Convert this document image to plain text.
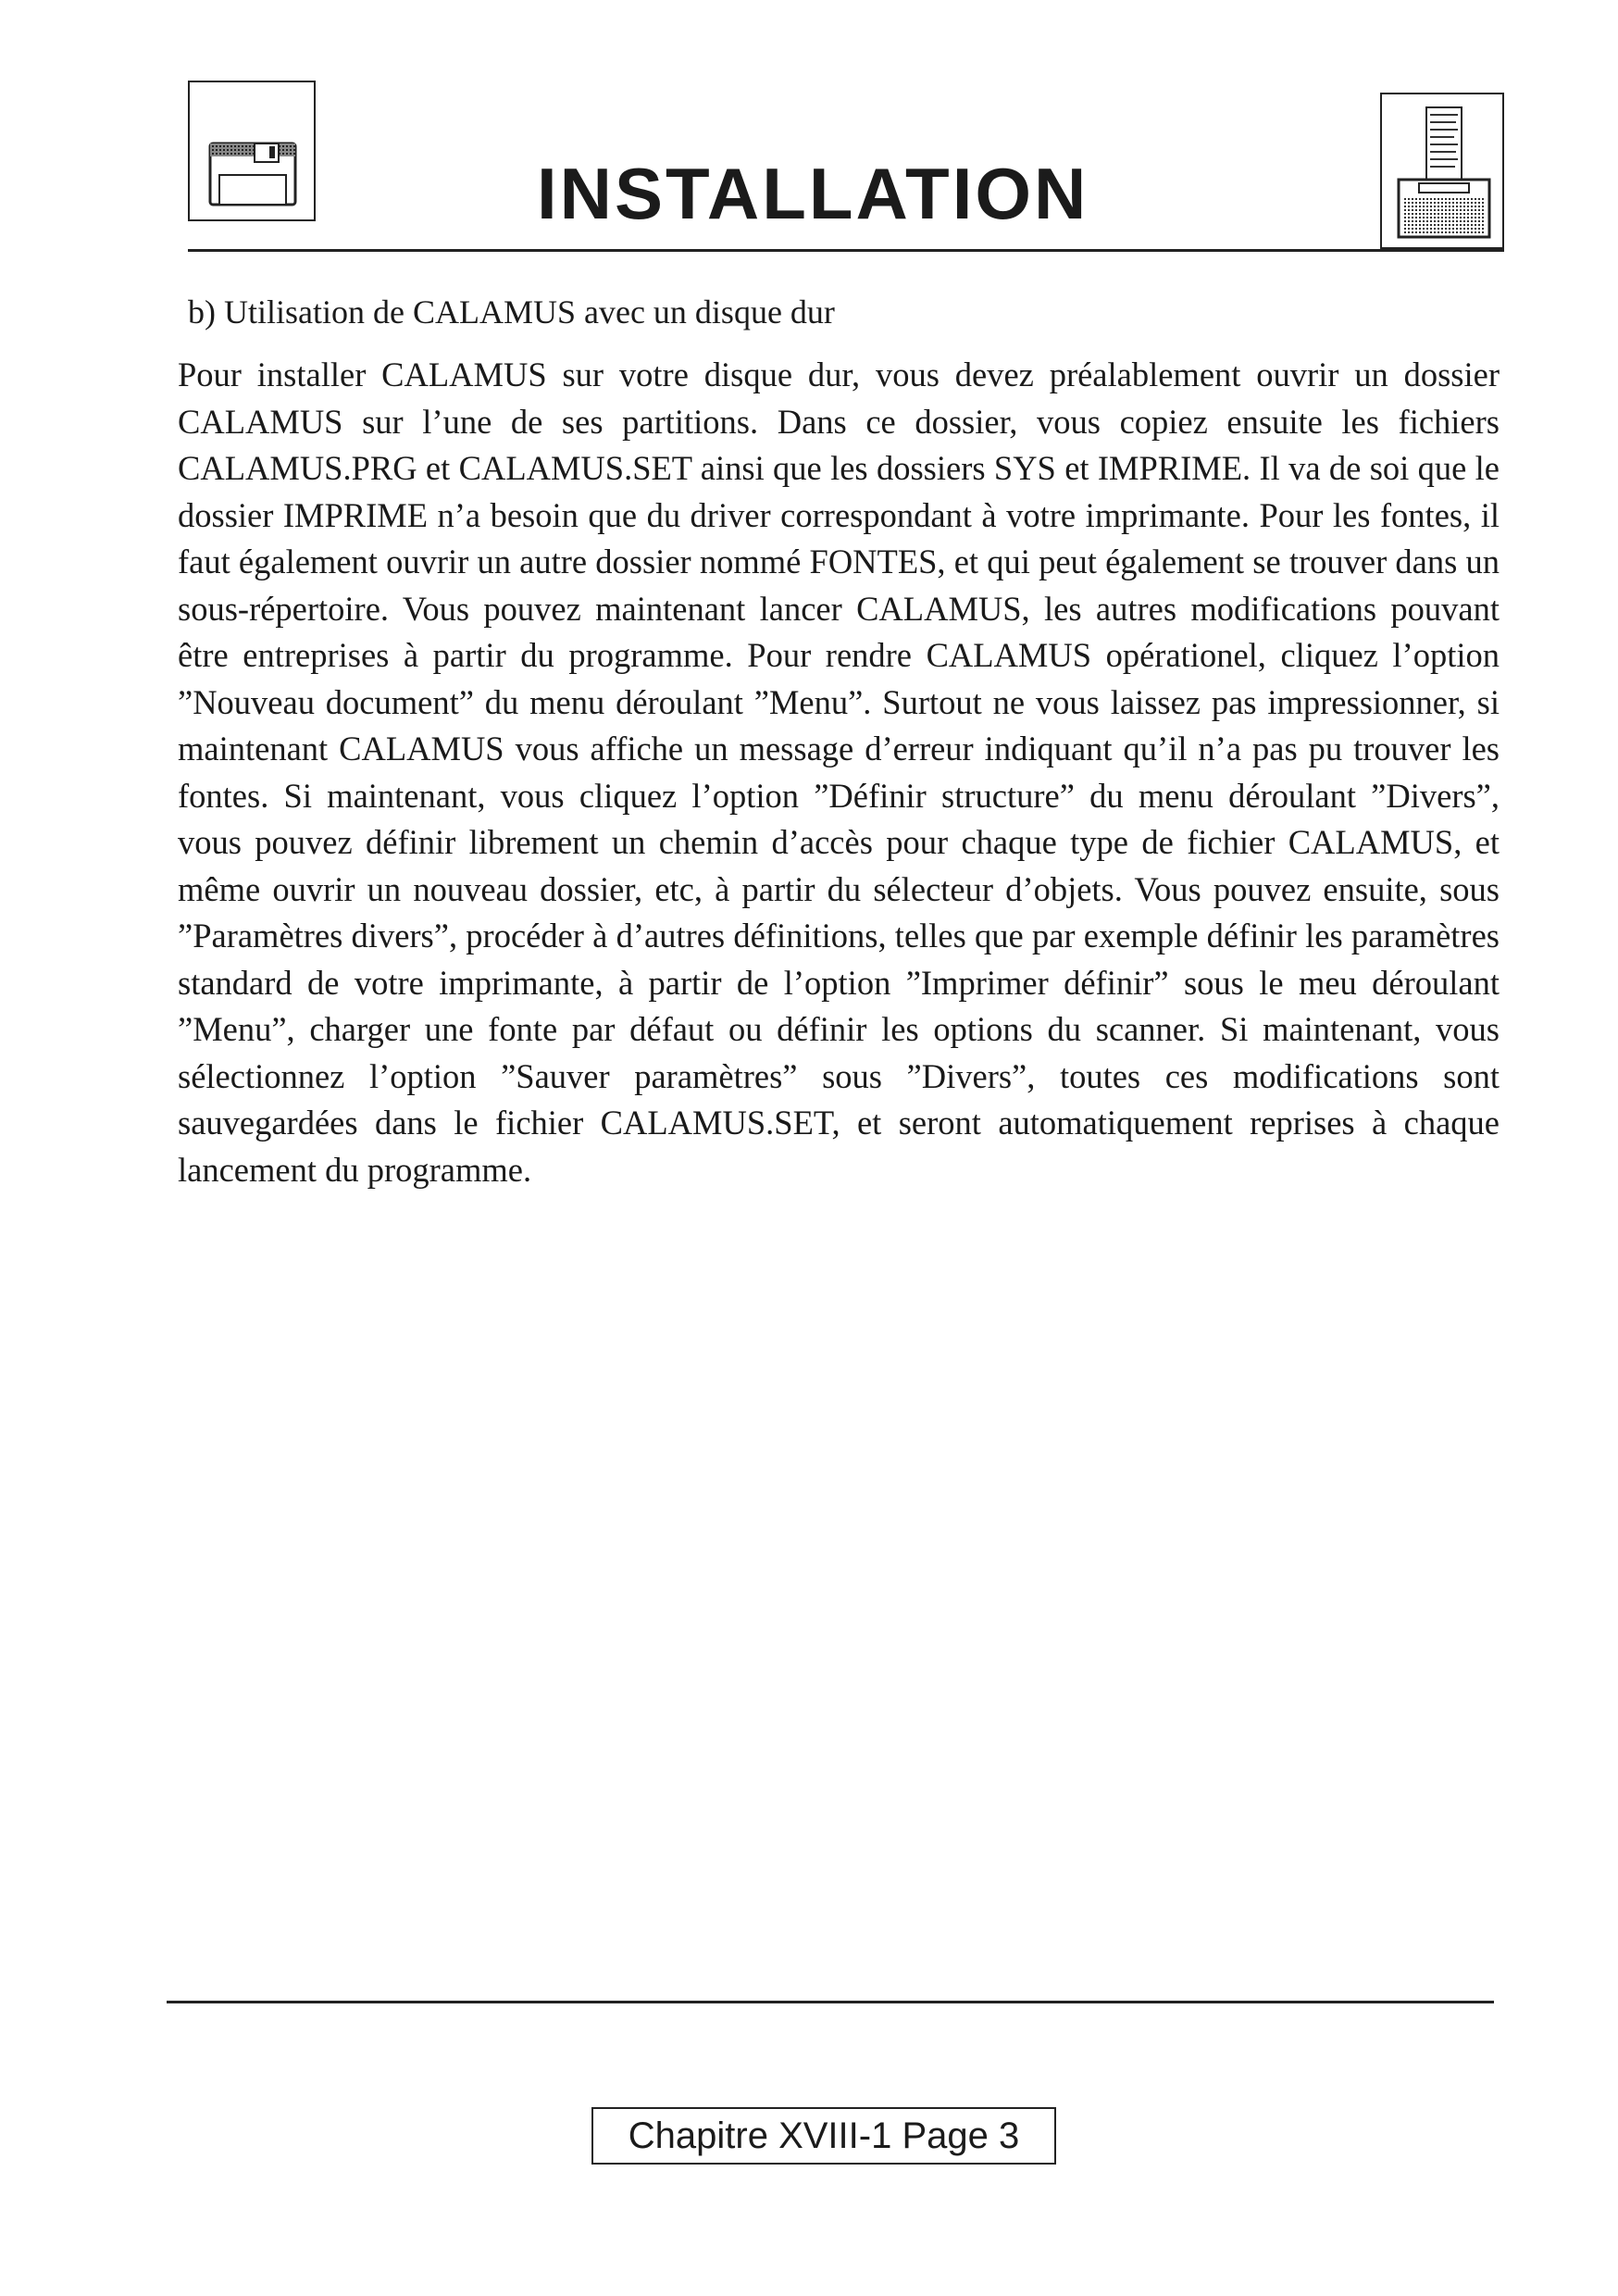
INSTALLATION

b) Utilisation de CALAMUS avec un disque dur

Pour installer CALAMUS sur votre disque dur, vous devez préalablement ouvrir un dossier CALAMUS sur l’une de ses partitions. Dans ce dossier, vous copiez ensuite les fichiers CALAMUS.PRG et CALAMUS.SET ainsi que les dossiers SYS et IMPRIME. Il va de soi que le dossier IMPRIME n’a besoin que du driver correspondant à votre imprimante. Pour les fontes, il faut également ouvrir un autre dossier nommé FONTES, et qui peut également se trouver dans un sous-répertoire. Vous pouvez maintenant lancer CALAMUS, les autres modifications pouvant être entreprises à partir du programme. Pour rendre CALAMUS opérationel, cliquez l’option ”Nouveau document” du menu déroulant ”Menu”. Surtout ne vous laissez pas impressionner, si maintenant CALAMUS vous affiche un message d’erreur indiquant qu’il n’a pas pu trouver les fontes. Si maintenant, vous cliquez l’option ”Définir structure” du menu déroulant ”Divers”, vous pouvez définir librement un chemin d’accès pour chaque type de fichier CALAMUS, et même ouvrir un nouveau dossier, etc, à partir du sélecteur d’objets. Vous pouvez ensuite, sous ”Paramètres divers”, procéder à d’autres définitions, telles que par exemple définir les paramètres standard de votre imprimante, à partir de l’option ”Imprimer définir” sous le meu déroulant ”Menu”, charger une fonte par défaut ou définir les options du scanner. Si maintenant, vous sélectionnez l’option ”Sauver paramètres” sous ”Divers”, toutes ces modifications sont sauvegardées dans le fichier CALAMUS.SET, et seront automatiquement reprises à chaque lancement du programme.

Chapitre XVIII-1 Page 3
